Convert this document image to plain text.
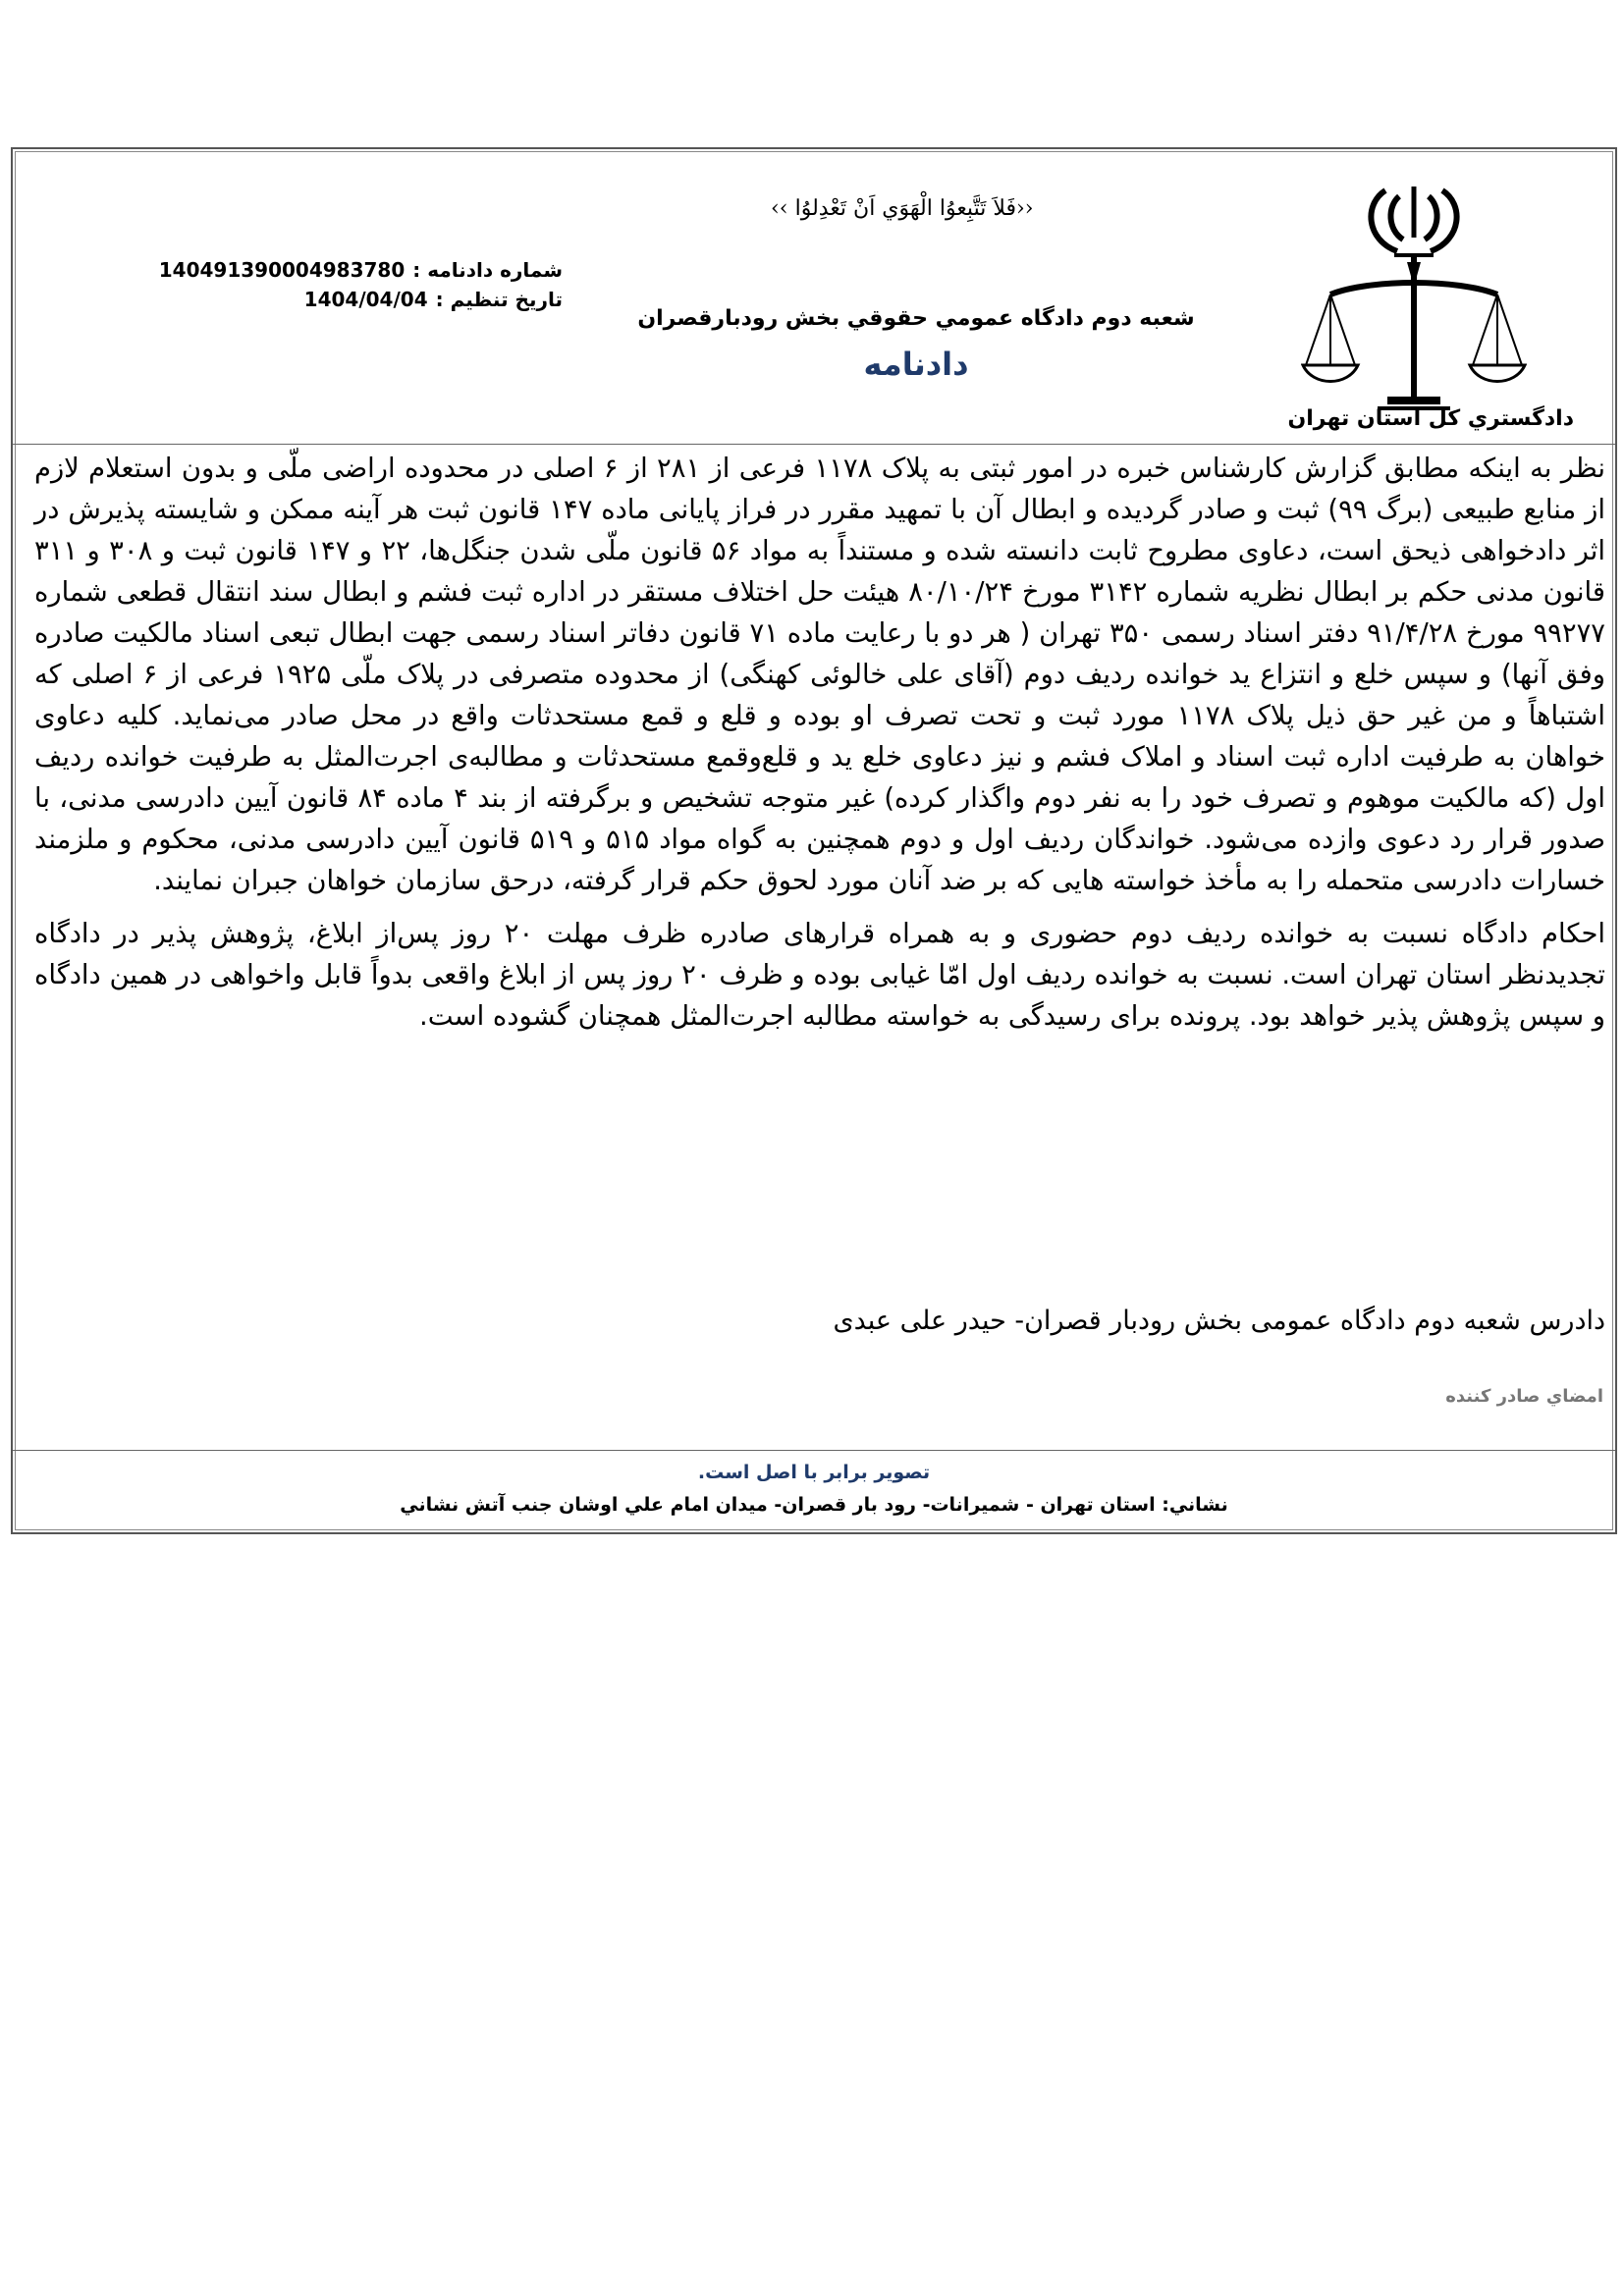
دادگستري كل استان تهران
‹‹فَلاَ تَتَّبِعوُا الْهَوَي اَنْ تَعْدِلوُا ››
شعبه دوم دادگاه عمومي حقوقي بخش رودبارقصران
دادنامه
شماره دادنامه :
140491390004983780
تاريخ تنظيم :
1404/04/04

نظر به اینکه مطابق گزارش کارشناس خبره در امور ثبتی به پلاک ۱۱۷۸ فرعی از ۲۸۱ از ۶ اصلی در محدوده اراضی ملّی و بدون استعلام لازم از منابع طبیعی (برگ ۹۹) ثبت و صادر گردیده و ابطال آن با تمهید مقرر در فراز پایانی ماده ۱۴۷ قانون ثبت هر آینه ممکن و شایسته پذیرش در اثر دادخواهی ذیحق است، دعاوی مطروح ثابت دانسته شده و مستنداً به مواد ۵۶ قانون ملّی شدن جنگل‌ها، ۲۲ و ۱۴۷ قانون ثبت و ۳۰۸ و ۳۱۱ قانون مدنی حکم بر ابطال نظریه شماره ۳۱۴۲ مورخ ۸۰/۱۰/۲۴ هیئت حل اختلاف مستقر در اداره ثبت فشم و ابطال سند انتقال قطعی شماره ۹۹۲۷۷ مورخ ۹۱/۴/۲۸ دفتر اسناد رسمی ۳۵۰ تهران ( هر دو با رعایت ماده ۷۱ قانون دفاتر اسناد رسمی جهت ابطال تبعی اسناد مالکیت صادره وفق آنها) و سپس خلع و انتزاع ید خوانده ردیف دوم (آقای علی خالوئی کهنگی) از محدوده متصرفی در پلاک ملّی ۱۹۲۵ فرعی از ۶ اصلی که اشتباهاً و من غیر حق ذیل پلاک ۱۱۷۸ مورد ثبت و تحت تصرف او بوده و قلع و قمع مستحدثات واقع در محل صادر می‌نماید. کلیه دعاوی خواهان به طرفیت اداره ثبت اسناد و املاک فشم و نیز دعاوی خلع ید و قلع‌وقمع مستحدثات و مطالبه‌ی اجرت‌المثل به طرفیت خوانده ردیف اول (که مالکیت موهوم و تصرف خود را به نفر دوم واگذار کرده) غیر متوجه تشخیص و برگرفته از بند ۴ ماده ۸۴ قانون آیین دادرسی مدنی، با صدور قرار رد دعوی وازده می‌شود. خواندگان ردیف اول و دوم همچنین به گواه مواد ۵۱۵ و ۵۱۹ قانون آیین دادرسی مدنی، محکوم و ملزمند خسارات دادرسی متحمله را به مأخذ خواسته هایی که بر ضد آنان مورد لحوق حکم قرار گرفته، درحق سازمان خواهان جبران نمایند.

احکام دادگاه نسبت به خوانده ردیف دوم حضوری و به همراه قرارهای صادره ظرف مهلت ۲۰ روز پس‌از ابلاغ، پژوهش پذیر در دادگاه تجدیدنظر استان تهران است. نسبت به خوانده ردیف اول امّا غیابی بوده و ظرف ۲۰ روز پس از ابلاغ واقعی بدواً قابل واخواهی در همین دادگاه و سپس پژوهش پذیر خواهد بود. پرونده برای رسیدگی به خواسته مطالبه اجرت‌المثل همچنان گشوده است.

دادرس شعبه دوم دادگاه عمومی بخش رودبار قصران- حیدر علی عبدی
امضاي صادر كننده
تصوير برابر با اصل است.
نشاني: استان تهران - شميرانات- رود بار قصران- ميدان امام علي اوشان جنب آتش نشاني
